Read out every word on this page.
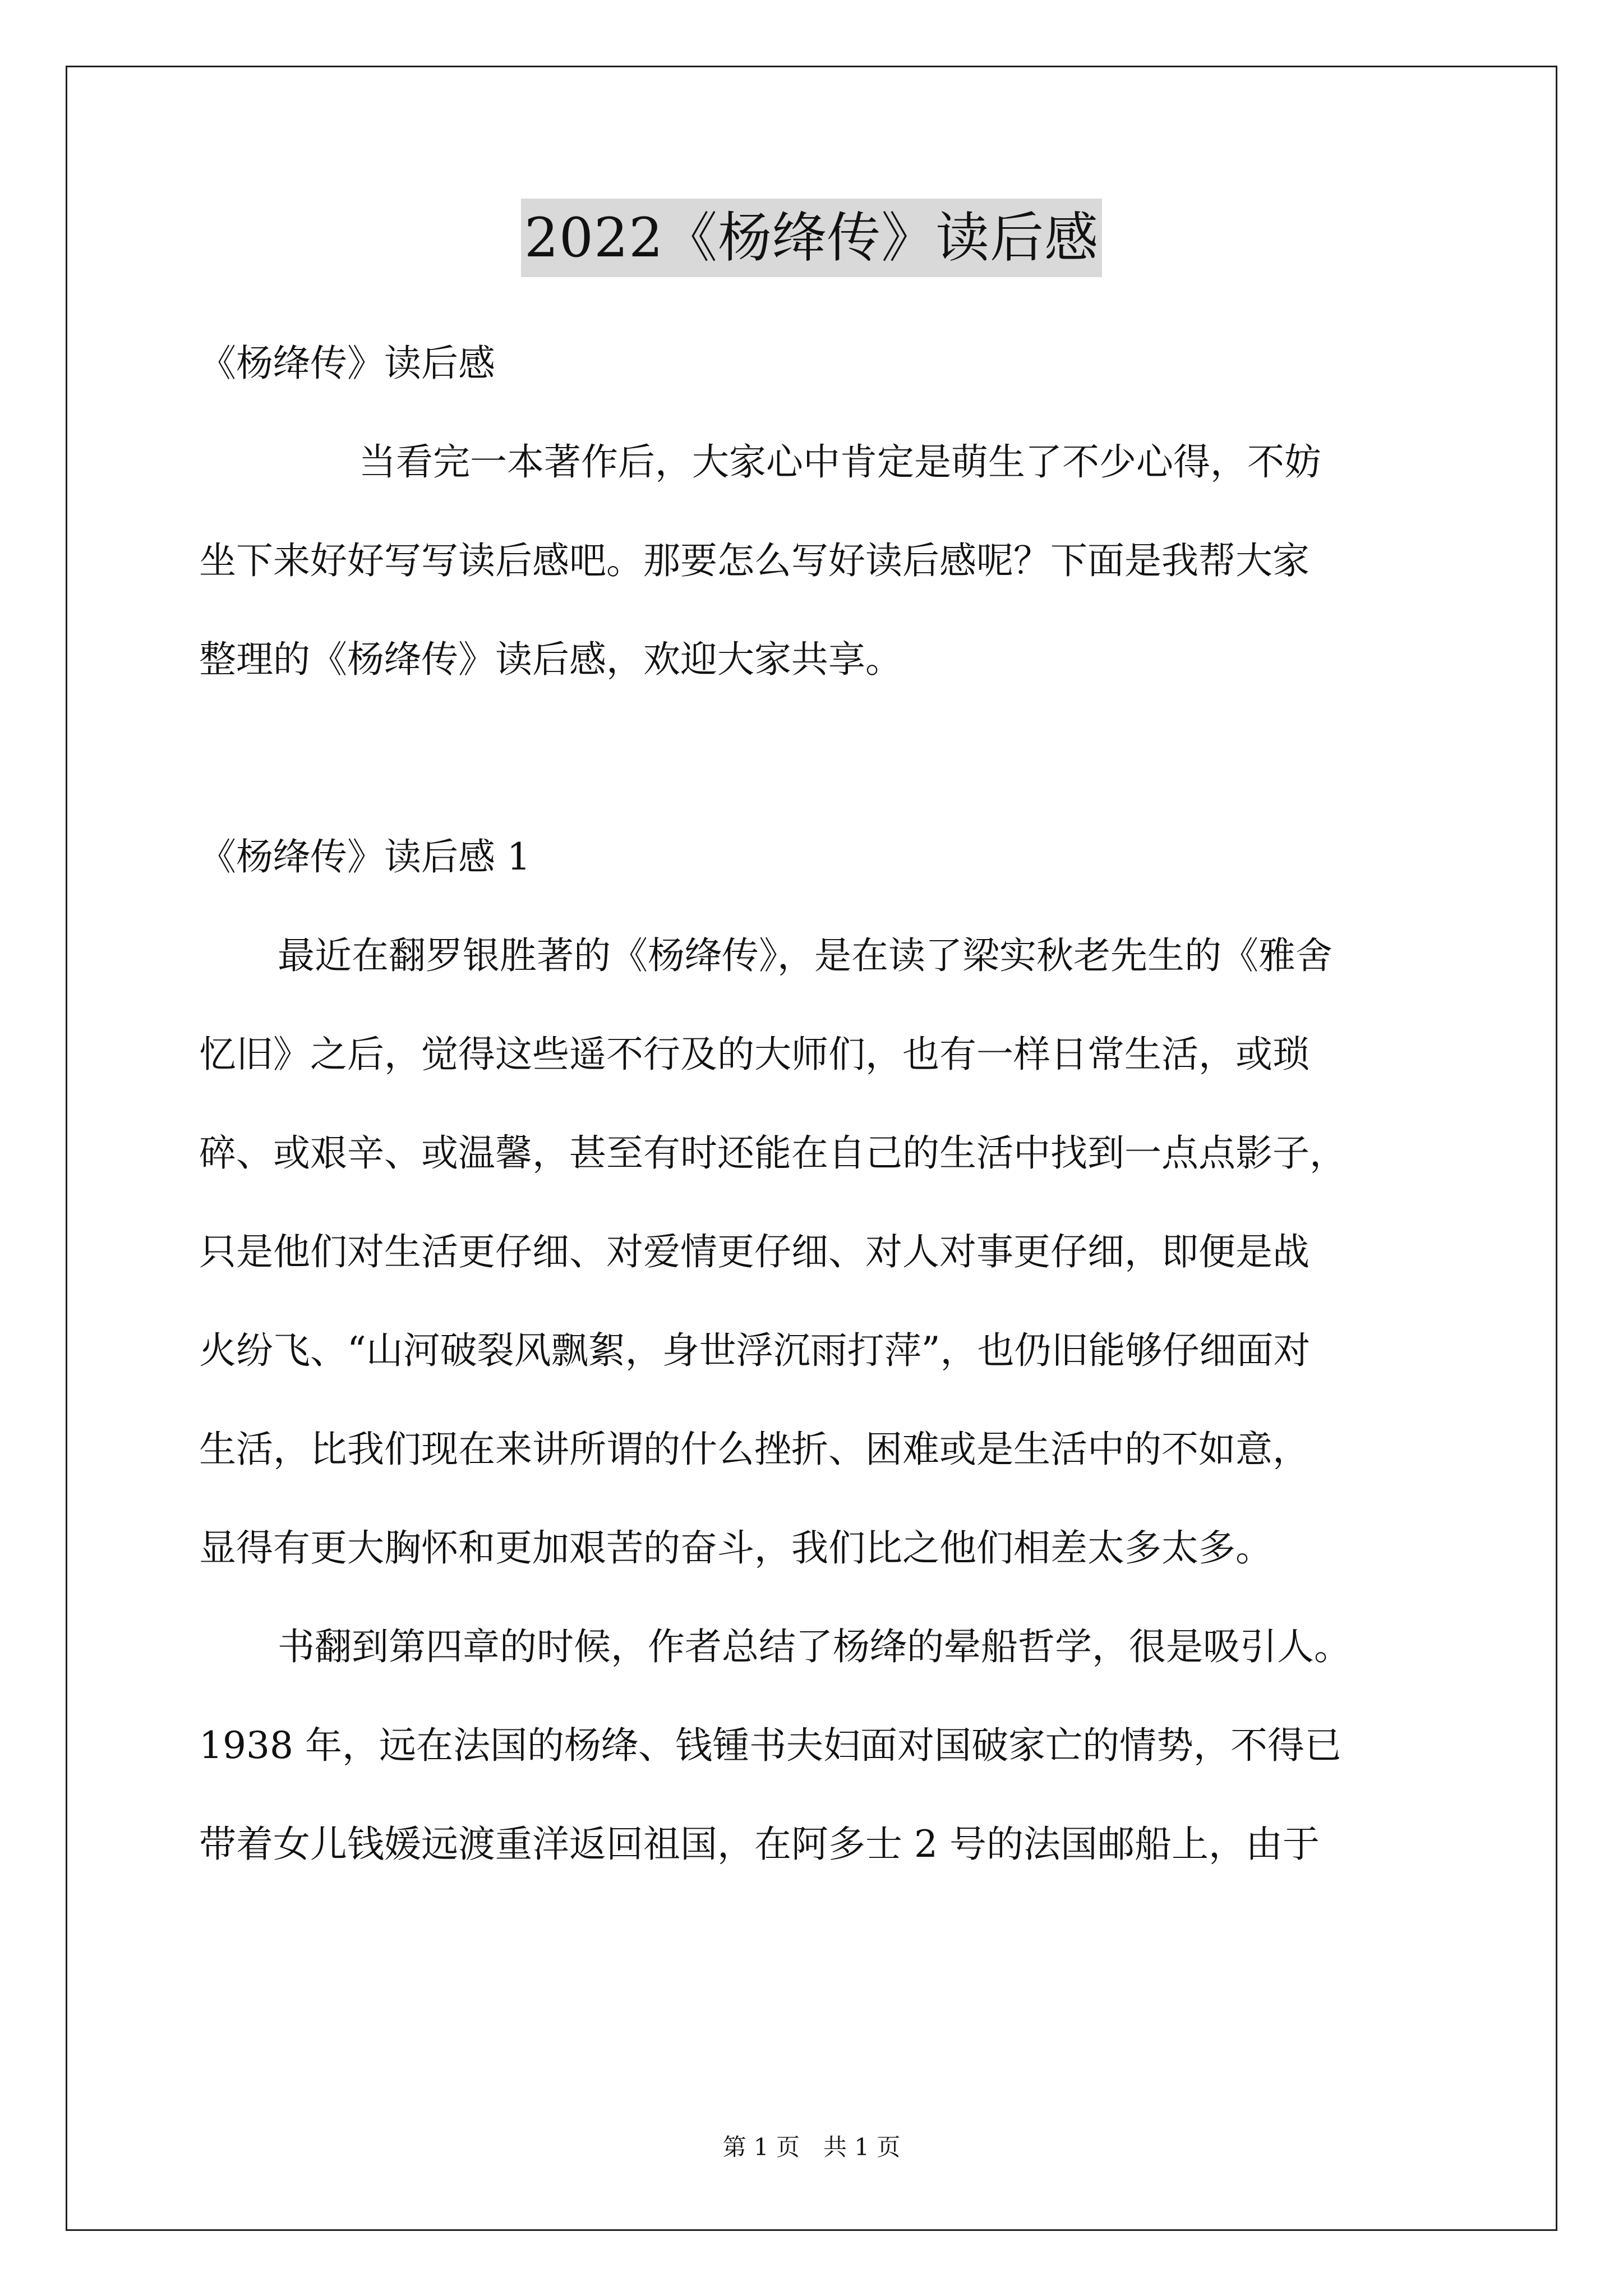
2022《杨绛传》读后感
《杨绛传》读后感
当看完一本著作后，大家心中肯定是萌生了不少心得，不妨
坐下来好好写写读后感吧。那要怎么写好读后感呢？下面是我帮大家
整理的《杨绛传》读后感，欢迎大家共享。
《杨绛传》读后感 1
最近在翻罗银胜著的《杨绛传》，是在读了梁实秋老先生的《雅舍
忆旧》之后，觉得这些遥不行及的大师们，也有一样日常生活，或琐
碎、或艰辛、或温馨，甚至有时还能在自己的生活中找到一点点影子，
只是他们对生活更仔细、对爱情更仔细、对人对事更仔细，即便是战
火纷飞、“山河破裂风飘絮，身世浮沉雨打萍”，也仍旧能够仔细面对
生活，比我们现在来讲所谓的什么挫折、困难或是生活中的不如意，
显得有更大胸怀和更加艰苦的奋斗，我们比之他们相差太多太多。
书翻到第四章的时候，作者总结了杨绛的晕船哲学，很是吸引人。
1938 年，远在法国的杨绛、钱锺书夫妇面对国破家亡的情势，不得已
带着女儿钱媛远渡重洋返回祖国，在阿多士 2 号的法国邮船上，由于
第 1 页　共 1 页
